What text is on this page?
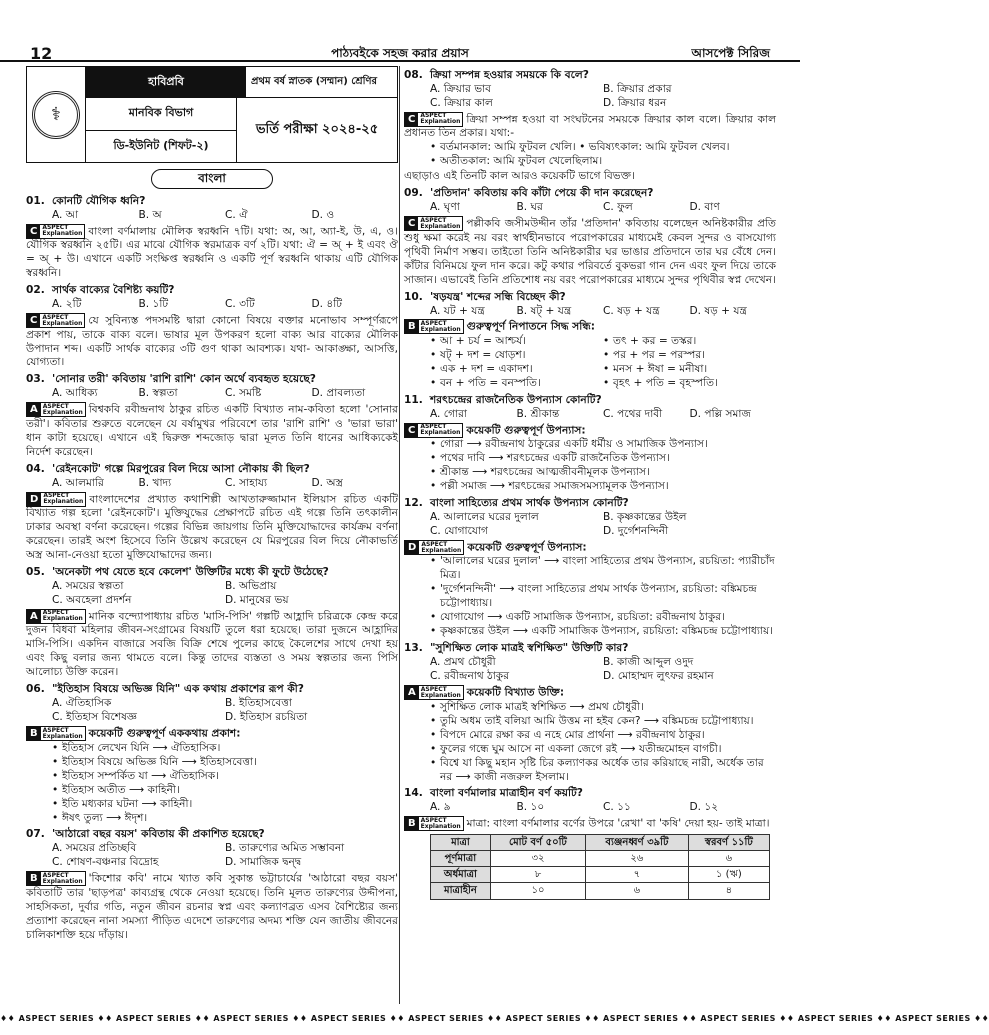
12	পাঠ্যবইকে সহজ করার প্রয়াস	আসপেক্ট সিরিজ
⚕
হাবিপ্রবি	প্রথম বর্ষ স্নাতক (সম্মান) শ্রেণির
মানবিক বিভাগ
ডি-ইউনিট (শিফট-২)
ভর্তি পরীক্ষা ২০২৪-২৫
বাংলা
01. কোনটি যৌগিক ধ্বনি?
A. আ	B. অ	C. ঐ	D. ও
C ASPECT
Explanation বাংলা বর্ণমালায় মৌলিক স্বরধ্বনি ৭টি। যথা: অ, আ, অ্যা-ই, উ, এ, ও। যৌগিক স্বরধ্বনি ২৫টি। এর মাঝে যৌগিক স্বরমাত্রক বর্ণ ২টি। যথা: ঐ = অ্ + ই এবং ঔ = অ্ + উ। এখানে একটি সংক্ষিপ্ত স্বরধ্বনি ও একটি পূর্ণ স্বরধ্বনি থাকায় এটি যৌগিক স্বরধ্বনি।
02. সার্থক বাক্যের বৈশিষ্ট্য কয়টি?
A. ২টি	B. ১টি	C. ৩টি	D. ৪টি
C ASPECT
Explanation যে সুবিন্যস্ত পদসমষ্টি দ্বারা কোনো বিষয়ে বক্তার মনোভাব সম্পূর্ণরূপে প্রকাশ পায়, তাকে বাক্য বলে। ভাষার মূল উপকরণ হলো বাক্য আর বাক্যের মৌলিক উপাদান শব্দ। একটি সার্থক বাক্যের ৩টি গুণ থাকা আবশ্যক। যথা- আকাঙ্ক্ষা, আসত্তি, যোগ্যতা।
03. 'সোনার তরী' কবিতায় 'রাশি রাশি' কোন অর্থে ব্যবহৃত হয়েছে?
A. আধিক্য	B. স্বল্পতা	C. সমষ্টি	D. প্রাবল্যতা
A ASPECT
Explanation বিশ্বকবি রবীন্দ্রনাথ ঠাকুর রচিত একটি বিখ্যাত নাম-কবিতা হলো 'সোনার তরী'। কবিতার শুরুতে বলেছেন যে বর্ষামুখর পরিবেশে তার 'রাশি রাশি' ও 'ভারা ভারা' ধান কাটা হয়েছে। এখানে এই দ্বিরুক্ত শব্দজোড় দ্বারা মূলত তিনি ধানের আধিক্যকেই নির্দেশ করেছেন।
04. 'রেইনকোট' গল্পে মিরপুরের বিল দিয়ে আসা নৌকায় কী ছিল?
A. আলমারি	B. খাদ্য	C. সাহায্য	D. অস্ত্র
D ASPECT
Explanation বাংলাদেশের প্রখ্যাত কথাশিল্পী আখতারুজ্জামান ইলিয়াস রচিত একটি বিখ্যাত গল্প হলো 'রেইনকোট'। মুক্তিযুদ্ধের প্রেক্ষাপটে রচিত এই গল্পে তিনি তৎকালীন ঢাকার অবস্থা বর্ণনা করেছেন। গল্পের বিভিন্ন জায়গায় তিনি মুক্তিযোদ্ধাদের কার্যক্রম বর্ণনা করেছেন। তারই অংশ হিসেবে তিনি উল্লেখ করেছেন যে মিরপুরের বিল দিয়ে নৌকাভর্তি অস্ত্র আনা-নেওয়া হতো মুক্তিযোদ্ধাদের জন্য।
05. 'অনেকটা পথ যেতে হবে কেলেশ' উক্তিটির মধ্যে কী ফুটে উঠেছে?
A. সময়ের স্বল্পতা	B. অভিপ্রায়
C. অবহেলা প্রদর্শন	D. মানুষের ভয়
A ASPECT
Explanation মানিক বন্দ্যোপাধ্যায় রচিত 'মাসি-পিসি' গল্পটি আহ্লাদি চরিত্রকে কেন্দ্র করে দুজন বিধবা মহিলার জীবন-সংগ্রামের বিষয়টি তুলে ধরা হয়েছে। তারা দুজনে আহ্লাদির মাসি-পিসি। একদিন বাজারে সবজি বিক্রি শেষে পুলের কাছে কৈলেশের সাথে দেখা হয় এবং কিছু বলার জন্য থামতে বলে। কিন্তু তাদের ব্যস্ততা ও সময় স্বল্পতার জন্য পিসি আলোচ্য উক্তি করেন।
06. "ইতিহাস বিষয়ে অভিজ্ঞ যিনি" এক কথায় প্রকাশের রূপ কী?
A. ঐতিহাসিক	B. ইতিহাসবেত্তা
C. ইতিহাস বিশেষজ্ঞ	D. ইতিহাস রচয়িতা
B ASPECT
Explanation কয়েকটি গুরুত্বপূর্ণ এককথায় প্রকাশ:
• ইতিহাস লেখেন যিনি ⟶ ঐতিহাসিক।
• ইতিহাস বিষয়ে অভিজ্ঞ যিনি ⟶ ইতিহাসবেত্তা।
• ইতিহাস সম্পর্কিত যা ⟶ ঐতিহাসিক।
• ইতিহাস অতীত ⟶ কাহিনী।
• ইতি মধ্যকার ঘটনা ⟶ কাহিনী।
• ঈষৎ তুল্য ⟶ ঈদৃশ।
07. 'আঠারো বছর বয়স' কবিতায় কী প্রকাশিত হয়েছে?
A. সময়ের প্রতিচ্ছবি	B. তারুণ্যের অমিত সম্ভাবনা
C. শোষণ-বঞ্চনার বিদ্রোহ	D. সামাজিক দ্বন্দ্ব
B ASPECT
Explanation 'কিশোর কবি' নামে খ্যাত কবি সুকান্ত ভট্টাচার্যের 'আঠারো বছর বয়স' কবিতাটি তার 'ছাড়পত্র' কাব্যগ্রন্থ থেকে নেওয়া হয়েছে। তিনি মূলত তারুণ্যের উদ্দীপনা, সাহসিকতা, দুর্বার গতি, নতুন জীবন রচনার স্বপ্ন এবং কল্যাণব্রত এসব বৈশিষ্ট্যের জন্য প্রত্যাশা করেছেন নানা সমস্যা পীড়িত এদেশে তারুণ্যের অদম্য শক্তি যেন জাতীয় জীবনের চালিকাশক্তি হয়ে দাঁড়ায়।
08. ক্রিয়া সম্পন্ন হওয়ার সময়কে কি বলে?
A. ক্রিয়ার ভাব	B. ক্রিয়ার প্রকার
C. ক্রিয়ার কাল	D. ক্রিয়ার ধরন
C ASPECT
Explanation ক্রিয়া সম্পন্ন হওয়া বা সংঘটনের সময়কে ক্রিয়ার কাল বলে। ক্রিয়ার কাল প্রধানত তিন প্রকার। যথা:-
• বর্তমানকাল: আমি ফুটবল খেলি। • ভবিষ্যৎকাল: আমি ফুটবল খেলব।
• অতীতকাল: আমি ফুটবল খেলেছিলাম।
এছাড়াও এই তিনটি কাল আরও কয়েকটি ভাগে বিভক্ত।
09. 'প্রতিদান' কবিতায় কবি কাঁটা পেয়ে কী দান করেছেন?
A. ঘৃণা	B. ঘর	C. ফুল	D. বাণ
C ASPECT
Explanation পল্লীকবি জসীমউদ্দীন তাঁর 'প্রতিদান' কবিতায় বলেছেন অনিষ্টকারীর প্রতি শুধু ক্ষমা করেই নয় বরং স্বার্থহীনভাবে পরোপকারের মাধ্যমেই কেবল সুন্দর ও বাসযোগ্য পৃথিবী নির্মাণ সম্ভব। তাইতো তিনি অনিষ্টকারীর ঘর ভাঙার প্রতিদানে তার ঘর বেঁধে দেন। কাঁটার বিনিময়ে ফুল দান করে। কটু কথার পরিবর্তে বুকভরা গান দেন এবং ফুল দিয়ে তাকে সাজান। এভাবেই তিনি প্রতিশোধ নয় বরং পরোপকারের মাধ্যমে সুন্দর পৃথিবীর স্বপ্ন দেখেন।
10. 'ষড়যন্ত্র' শব্দের সন্ধি বিচ্ছেদ কী?
A. যট + যন্ত্র	B. ষট্ + যন্ত্র	C. ষড় + যন্ত্র	D. ষড় + যন্ত্র
B ASPECT
Explanation গুরুত্বপূর্ণ নিপাতনে সিদ্ধ সন্ধি:
• আ + চর্য = আশ্চর্য।	• তৎ + কর = তস্কর।
• ষট্ + দশ = ষোড়শ।	• পর + পর = পরস্পর।
• এক + দশ = একাদশ।	• মনস + ঈষা = মনীষা।
• বন + পতি = বনস্পতি।	• বৃহৎ + পতি = বৃহস্পতি।
11. শরৎচন্দ্রের রাজনৈতিক উপন্যাস কোনটি?
A. গোরা	B. শ্রীকান্ত	C. পথের দাবী	D. পল্লি সমাজ
C ASPECT
Explanation কয়েকটি গুরুত্বপূর্ণ উপন্যাস:
• গোরা ⟶ রবীন্দ্রনাথ ঠাকুরের একটি ধর্মীয় ও সামাজিক উপন্যাস।
• পথের দাবি ⟶ শরৎচন্দ্রের একটি রাজনৈতিক উপন্যাস।
• শ্রীকান্ত ⟶ শরৎচন্দ্রের আত্মজীবনীমূলক উপন্যাস।
• পল্লী সমাজ ⟶ শরৎচন্দ্রের সমাজসমস্যামূলক উপন্যাস।
12. বাংলা সাহিত্যের প্রথম সার্থক উপন্যাস কোনটি?
A. আলালের ঘরের দুলাল	B. কৃষ্ণকান্তের উইল
C. যোগাযোগ	D. দুর্গেশনন্দিনী
D ASPECT
Explanation কয়েকটি গুরুত্বপূর্ণ উপন্যাস:
• 'আলালের ঘরের দুলাল' ⟶ বাংলা সাহিত্যের প্রথম উপন্যাস, রচয়িতা: প্যারীচাঁদ মিত্র।
• 'দুর্গেশনন্দিনী' ⟶ বাংলা সাহিত্যের প্রথম সার্থক উপন্যাস, রচয়িতা: বঙ্কিমচন্দ্র চট্টোপাধ্যায়।
• যোগাযোগ ⟶ একটি সামাজিক উপন্যাস, রচয়িতা: রবীন্দ্রনাথ ঠাকুর।
• কৃষ্ণকান্তের উইল ⟶ একটি সামাজিক উপন্যাস, রচয়িতা: বঙ্কিমচন্দ্র চট্টোপাধ্যায়।
13. "সুশিক্ষিত লোক মাত্রই স্বশিক্ষিত" উক্তিটি কার?
A. প্রমথ চৌধুরী	B. কাজী আব্দুল ওদুদ
C. রবীন্দ্রনাথ ঠাকুর	D. মোহাম্মদ লুৎফর রহমান
A ASPECT
Explanation কয়েকটি বিখ্যাত উক্তি:
• সুশিক্ষিত লোক মাত্রই স্বশিক্ষিত ⟶ প্রমথ চৌধুরী।
• তুমি অধম তাই বলিয়া আমি উত্তম না হইব কেন? ⟶ বঙ্কিমচন্দ্র চট্টোপাধ্যায়।
• বিপদে মোরে রক্ষা কর এ নহে মোর প্রার্থনা ⟶ রবীন্দ্রনাথ ঠাকুর।
• ফুলের গন্ধে ঘুম আসে না একলা জেগে রই ⟶ যতীন্দ্রমোহন বাগচী।
• বিশ্বে যা কিছু মহান সৃষ্টি চির কল্যাণকর অর্ধেক তার করিয়াছে নারী, অর্ধেক তার নর ⟶ কাজী নজরুল ইসলাম।
14. বাংলা বর্ণমালার মাত্রাহীন বর্ণ কয়টি?
A. ৯	B. ১০	C. ১১	D. ১২
B ASPECT
Explanation মাত্রা: বাংলা বর্ণমালার বর্ণের উপরে 'রেখা' বা 'কষি' দেয়া হয়- তাই মাত্রা।
মাত্রা	মোট বর্ণ ৫০টি	ব্যঞ্জনধ্বর্ণ ৩৯টি	স্বরবর্ণ ১১টি
পূর্ণমাত্রা	৩২	২৬	৬
অর্ধমাত্রা	৮	৭	১ (ঋ)
মাত্রাহীন	১০	৬	৪
♦♦ ASPECT SERIES ♦♦ ASPECT SERIES ♦♦ ASPECT SERIES ♦♦ ASPECT SERIES ♦♦ ASPECT SERIES ♦♦ ASPECT SERIES ♦♦ ASPECT SERIES ♦♦ ASPECT SERIES ♦♦ ASPECT SERIES ♦♦ ASPECT SERIES ♦♦
